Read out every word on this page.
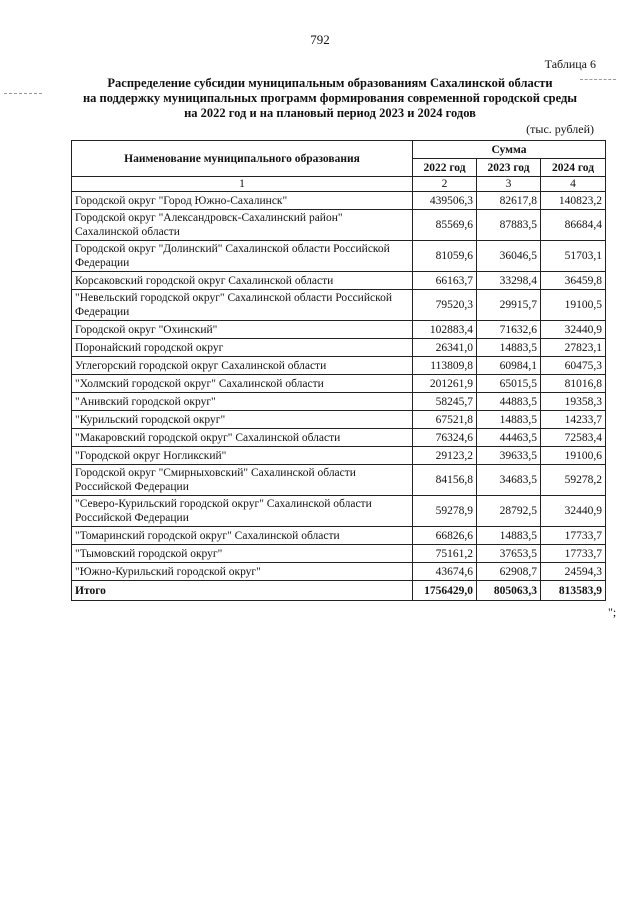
792
Таблица 6
Распределение субсидии муниципальным образованиям Сахалинской области
на поддержку муниципальных программ формирования современной городской среды
на 2022 год и на плановый период 2023 и 2024 годов
(тыс. рублей)
Наименование муниципального образования	Сумма		
	2022 год	2023 год	2024 год
1	2	3	4
Городской округ "Город Южно-Сахалинск"	439506,3	82617,8	140823,2
Городской округ "Александровск-Сахалинский район" Сахалинской области	85569,6	87883,5	86684,4
Городской округ "Долинский" Сахалинской области Российской Федерации	81059,6	36046,5	51703,1
Корсаковский городской округ Сахалинской области	66163,7	33298,4	36459,8
"Невельский городской округ" Сахалинской области Российской Федерации	79520,3	29915,7	19100,5
Городской округ "Охинский"	102883,4	71632,6	32440,9
Поронайский городской округ	26341,0	14883,5	27823,1
Углегорский городской округ Сахалинской области	113809,8	60984,1	60475,3
"Холмский городской округ" Сахалинской области	201261,9	65015,5	81016,8
"Анивский городской округ"	58245,7	44883,5	19358,3
"Курильский городской округ"	67521,8	14883,5	14233,7
"Макаровский городской округ" Сахалинской области	76324,6	44463,5	72583,4
"Городской округ Ногликский"	29123,2	39633,5	19100,6
Городской округ "Смирныховский" Сахалинской области Российской Федерации	84156,8	34683,5	59278,2
"Северо-Курильский городской округ" Сахалинской области Российской Федерации	59278,9	28792,5	32440,9
"Томаринский городской округ" Сахалинской области	66826,6	14883,5	17733,7
"Тымовский городской округ"	75161,2	37653,5	17733,7
"Южно-Курильский городской округ"	43674,6	62908,7	24594,3
Итого	1756429,0	805063,3	813583,9
";
